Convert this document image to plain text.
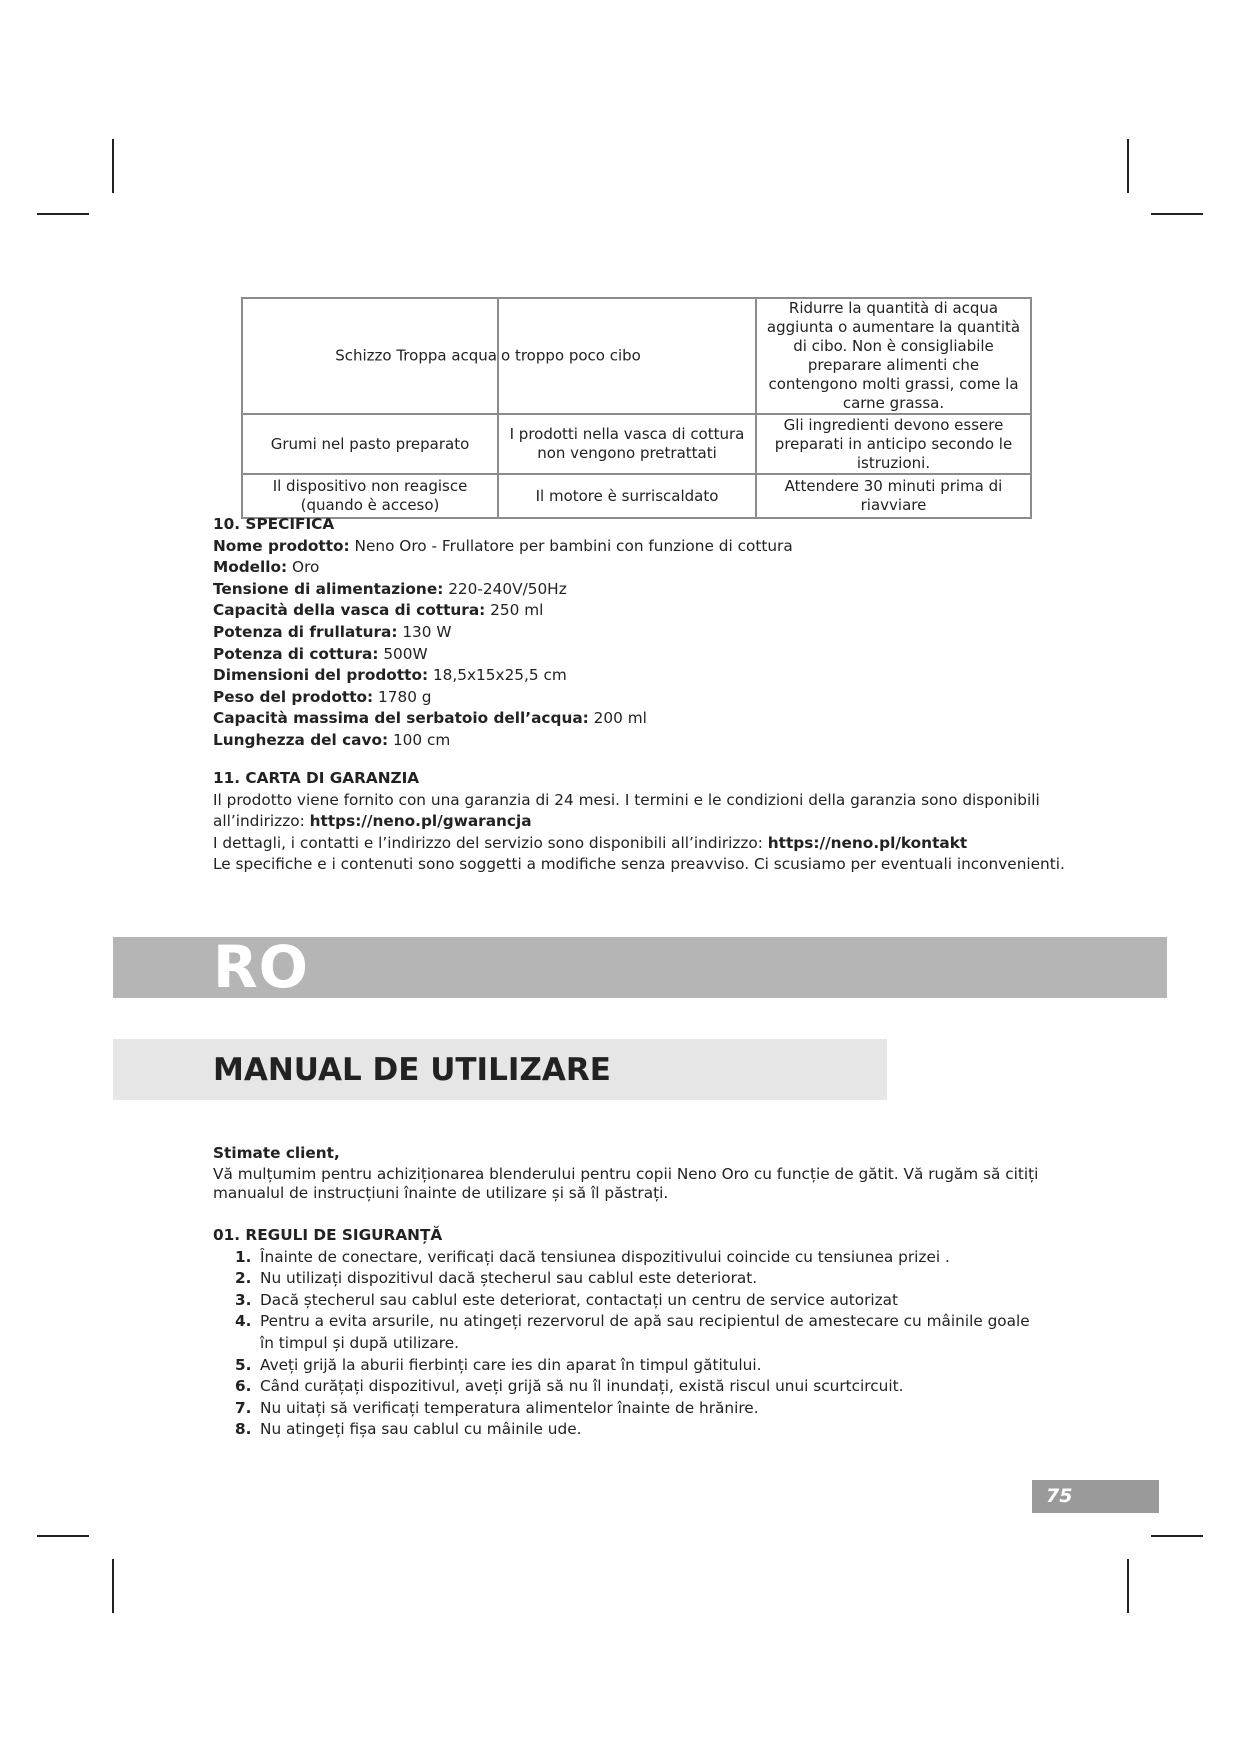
Schizzo Troppa acqua	o troppo poco cibo	Ridurre la quantità di acqua aggiunta o aumentare la quantità di cibo. Non è consigliabile preparare alimenti che contengono molti grassi, come la carne grassa.
Grumi nel pasto preparato	I prodotti nella vasca di cottura non vengono pretrattati	Gli ingredienti devono essere preparati in anticipo secondo le istruzioni.
Il dispositivo non reagisce (quando è acceso)	Il motore è surriscaldato	Attendere 30 minuti prima di riavviare
10. SPECIFICA
Nome prodotto: Neno Oro - Frullatore per bambini con funzione di cottura
Modello: Oro
Tensione di alimentazione: 220-240V/50Hz
Capacità della vasca di cottura: 250 ml
Potenza di frullatura: 130 W
Potenza di cottura: 500W
Dimensioni del prodotto: 18,5x15x25,5 cm
Peso del prodotto: 1780 g
Capacità massima del serbatoio dell’acqua: 200 ml
Lunghezza del cavo: 100 cm
11. CARTA DI GARANZIA
Il prodotto viene fornito con una garanzia di 24 mesi. I termini e le condizioni della garanzia sono disponibili
all’indirizzo: https://neno.pl/gwarancja
I dettagli, i contatti e l’indirizzo del servizio sono disponibili all’indirizzo: https://neno.pl/kontakt
Le specifiche e i contenuti sono soggetti a modifiche senza preavviso. Ci scusiamo per eventuali inconvenienti.
RO
MANUAL DE UTILIZARE
Stimate client,
Vă mulțumim pentru achiziționarea blenderului pentru copii Neno Oro cu funcție de gătit. Vă rugăm să citiți
manualul de instrucțiuni înainte de utilizare și să îl păstrați.
01. REGULI DE SIGURANȚĂ
1. Înainte de conectare, verificați dacă tensiunea dispozitivului coincide cu tensiunea prizei .
2. Nu utilizați dispozitivul dacă ștecherul sau cablul este deteriorat.
3. Dacă ștecherul sau cablul este deteriorat, contactați un centru de service autorizat
4. Pentru a evita arsurile, nu atingeți rezervorul de apă sau recipientul de amestecare cu mâinile goale în timpul și după utilizare.
5. Aveți grijă la aburii fierbinți care ies din aparat în timpul gătitului.
6. Când curățați dispozitivul, aveți grijă să nu îl inundați, există riscul unui scurtcircuit.
7. Nu uitați să verificați temperatura alimentelor înainte de hrănire.
8. Nu atingeți fișa sau cablul cu mâinile ude.
75
